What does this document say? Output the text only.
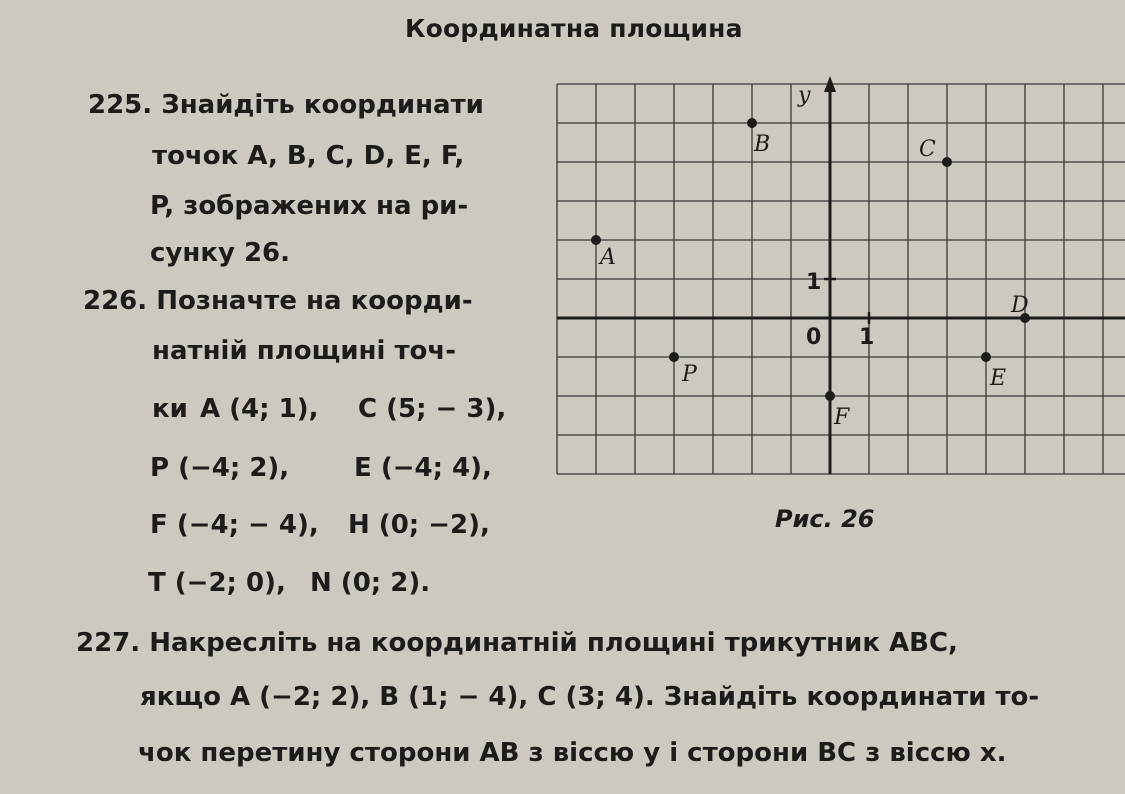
Координатна площина
225. Знайдіть координати
точок A, B, C, D, E, F,
P, зображених на ри-
сунку 26.
226. Позначте на коорди-
натній площині точ-
ки A (4; 1), C (5; − 3),
P (−4; 2), E (−4; 4),
F (−4; − 4), H (0; −2),
T (−2; 0), N (0; 2).
227. Накресліть на координатній площині трикутник ABC,
якщо A (−2; 2), B (1; − 4), C (3; 4). Знайдіть координати то-
чок перетину сторони AB з віссю y і сторони BC з віссю x.
y
0 1
1
A
B	C
D
E
F
P
Рис. 26
